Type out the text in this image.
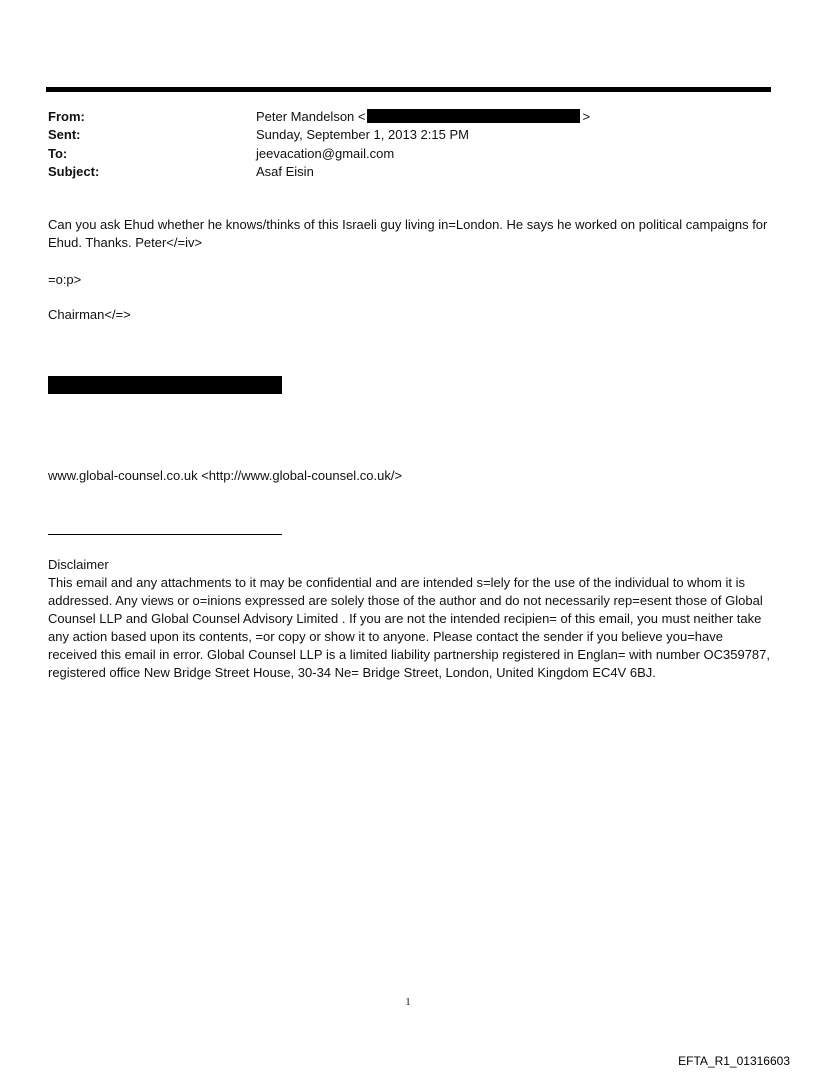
From:	Peter Mandelson <	>
Sent:	Sunday, September 1, 2013 2:15 PM
To:	jeevacation@gmail.com
Subject:	Asaf Eisin
Can you ask Ehud whether he knows/thinks of this Israeli guy living in=London. He says he worked on political campaigns for Ehud. Thanks. Peter</=iv>
=o:p>
Chairman</=>
www.global-counsel.co.uk <http://www.global-counsel.co.uk/>
Disclaimer
This email and any attachments to it may be confidential and are intended s=lely for the use of the individual to whom it is addressed. Any views or o=inions expressed are solely those of the author and do not necessarily rep=esent those of Global Counsel LLP and Global Counsel Advisory Limited . If you are not the intended recipien= of this email, you must neither take any action based upon its contents, =or copy or show it to anyone. Please contact the sender if you believe you=have received this email in error. Global Counsel LLP is a limited liability partnership registered in Englan= with number OC359787, registered office New Bridge Street House, 30-34 Ne= Bridge Street, London, United Kingdom EC4V 6BJ.
1
EFTA_R1_01316603
